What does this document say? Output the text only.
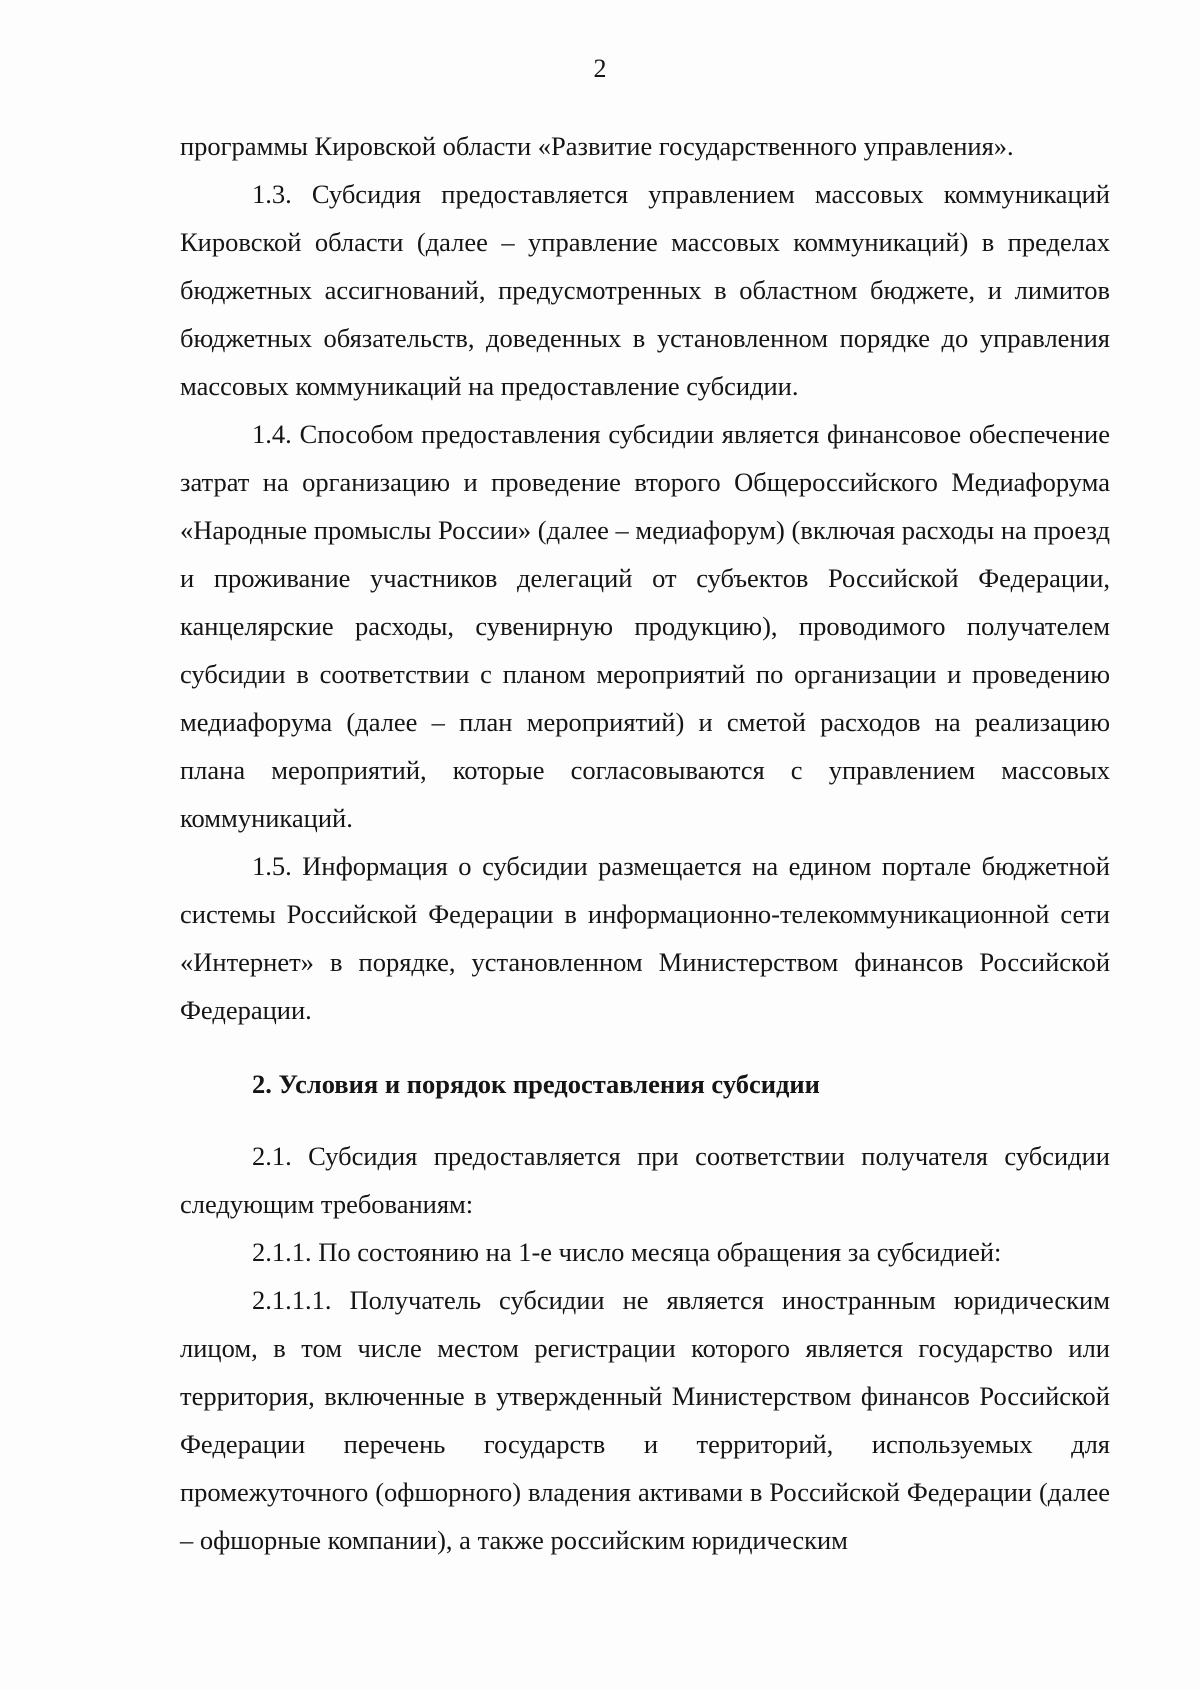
2

программы Кировской области «Развитие государственного управления».

1.3. Субсидия предоставляется управлением массовых коммуникаций Кировской области (далее – управление массовых коммуникаций) в пределах бюджетных ассигнований, предусмотренных в областном бюджете, и лимитов бюджетных обязательств, доведенных в установленном порядке до управления массовых коммуникаций на предоставление субсидии.

1.4. Способом предоставления субсидии является финансовое обеспечение затрат на организацию и проведение второго Общероссийского Медиафорума «Народные промыслы России» (далее – медиафорум) (включая расходы на проезд и проживание участников делегаций от субъектов Российской Федерации, канцелярские расходы, сувенирную продукцию), проводимого получателем субсидии в соответствии с планом мероприятий по организации и проведению медиафорума (далее – план мероприятий) и сметой расходов на реализацию плана мероприятий, которые согласовываются с управлением массовых коммуникаций.

1.5. Информация о субсидии размещается на едином портале бюджетной системы Российской Федерации в информационно-телекоммуникационной сети «Интернет» в порядке, установленном Министерством финансов Российской Федерации.

2. Условия и порядок предоставления субсидии

2.1. Субсидия предоставляется при соответствии получателя субсидии следующим требованиям:

2.1.1. По состоянию на 1-е число месяца обращения за субсидией:

2.1.1.1. Получатель субсидии не является иностранным юридическим лицом, в том числе местом регистрации которого является государство или территория, включенные в утвержденный Министерством финансов Российской Федерации перечень государств и территорий, используемых для промежуточного (офшорного) владения активами в Российской Федерации (далее – офшорные компании), а также российским юридическим
